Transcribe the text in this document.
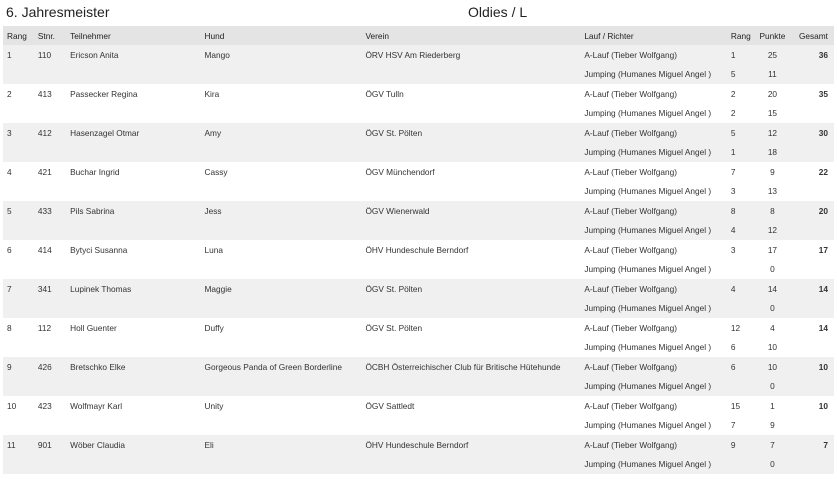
6. Jahresmeister	Oldies / L
Rang	Stnr.	Teilnehmer	Hund	Verein	Lauf / Richter	Rang	Punkte	Gesamt
1	110	Ericson Anita	Mango	ÖRV HSV Am Riederberg	A-Lauf (Tieber Wolfgang)	1	25	36
					Jumping (Humanes Miguel Angel )	5	11	
2	413	Passecker Regina	Kira	ÖGV Tulln	A-Lauf (Tieber Wolfgang)	2	20	35
					Jumping (Humanes Miguel Angel )	2	15	
3	412	Hasenzagel Otmar	Amy	ÖGV St. Pölten	A-Lauf (Tieber Wolfgang)	5	12	30
					Jumping (Humanes Miguel Angel )	1	18	
4	421	Buchar Ingrid	Cassy	ÖGV Münchendorf	A-Lauf (Tieber Wolfgang)	7	9	22
					Jumping (Humanes Miguel Angel )	3	13	
5	433	Pils Sabrina	Jess	ÖGV Wienerwald	A-Lauf (Tieber Wolfgang)	8	8	20
					Jumping (Humanes Miguel Angel )	4	12	
6	414	Bytyci Susanna	Luna	ÖHV Hundeschule Berndorf	A-Lauf (Tieber Wolfgang)	3	17	17
					Jumping (Humanes Miguel Angel )		0	
7	341	Lupinek Thomas	Maggie	ÖGV St. Pölten	A-Lauf (Tieber Wolfgang)	4	14	14
					Jumping (Humanes Miguel Angel )		0	
8	112	Holl Guenter	Duffy	ÖGV St. Pölten	A-Lauf (Tieber Wolfgang)	12	4	14
					Jumping (Humanes Miguel Angel )	6	10	
9	426	Bretschko Elke	Gorgeous Panda of Green Borderline	ÖCBH Österreichischer Club für Britische Hütehunde	A-Lauf (Tieber Wolfgang)	6	10	10
					Jumping (Humanes Miguel Angel )		0	
10	423	Wolfmayr Karl	Unity	ÖGV Sattledt	A-Lauf (Tieber Wolfgang)	15	1	10
					Jumping (Humanes Miguel Angel )	7	9	
11	901	Wöber Claudia	Eli	ÖHV Hundeschule Berndorf	A-Lauf (Tieber Wolfgang)	9	7	7
					Jumping (Humanes Miguel Angel )		0	
